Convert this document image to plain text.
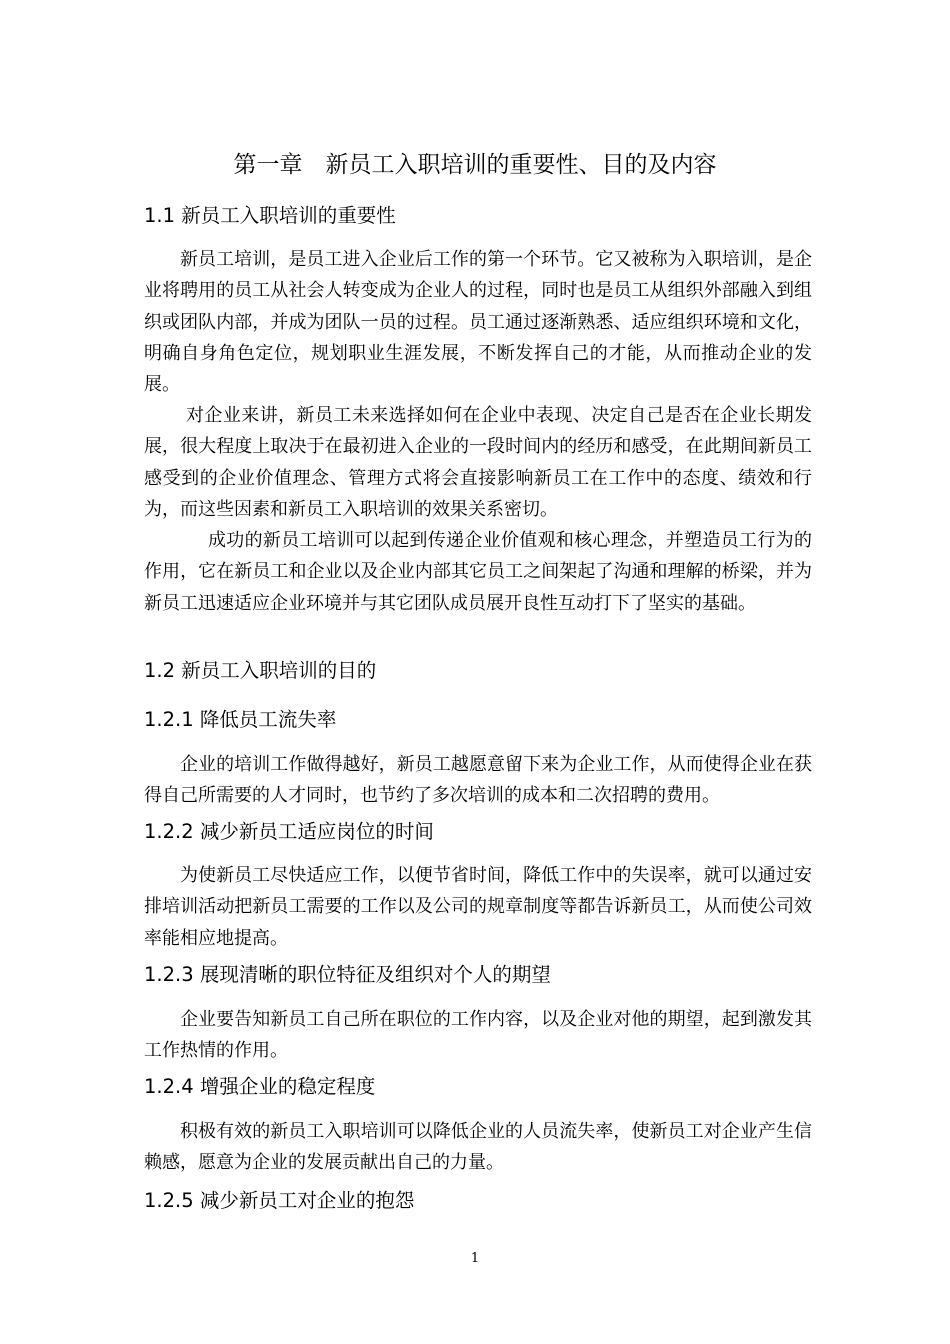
第一章　新员工入职培训的重要性、目的及内容
1.1 新员工入职培训的重要性

新员工培训，是员工进入企业后工作的第一个环节。它又被称为入职培训，是企业将聘用的员工从社会人转变成为企业人的过程，同时也是员工从组织外部融入到组织或团队内部，并成为团队一员的过程。员工通过逐渐熟悉、适应组织环境和文化，明确自身角色定位，规划职业生涯发展，不断发挥自己的才能，从而推动企业的发展。

对企业来讲，新员工未来选择如何在企业中表现、决定自己是否在企业长期发展，很大程度上取决于在最初进入企业的一段时间内的经历和感受，在此期间新员工感受到的企业价值理念、管理方式将会直接影响新员工在工作中的态度、绩效和行为，而这些因素和新员工入职培训的效果关系密切。

成功的新员工培训可以起到传递企业价值观和核心理念，并塑造员工行为的作用，它在新员工和企业以及企业内部其它员工之间架起了沟通和理解的桥梁，并为新员工迅速适应企业环境并与其它团队成员展开良性互动打下了坚实的基础。

1.2 新员工入职培训的目的
1.2.1 降低员工流失率

企业的培训工作做得越好，新员工越愿意留下来为企业工作，从而使得企业在获得自己所需要的人才同时，也节约了多次培训的成本和二次招聘的费用。

1.2.2 减少新员工适应岗位的时间

为使新员工尽快适应工作，以便节省时间，降低工作中的失误率，就可以通过安排培训活动把新员工需要的工作以及公司的规章制度等都告诉新员工，从而使公司效率能相应地提高。

1.2.3 展现清晰的职位特征及组织对个人的期望

企业要告知新员工自己所在职位的工作内容，以及企业对他的期望，起到激发其工作热情的作用。

1.2.4 增强企业的稳定程度

积极有效的新员工入职培训可以降低企业的人员流失率，使新员工对企业产生信赖感，愿意为企业的发展贡献出自己的力量。

1.2.5 减少新员工对企业的抱怨
1
